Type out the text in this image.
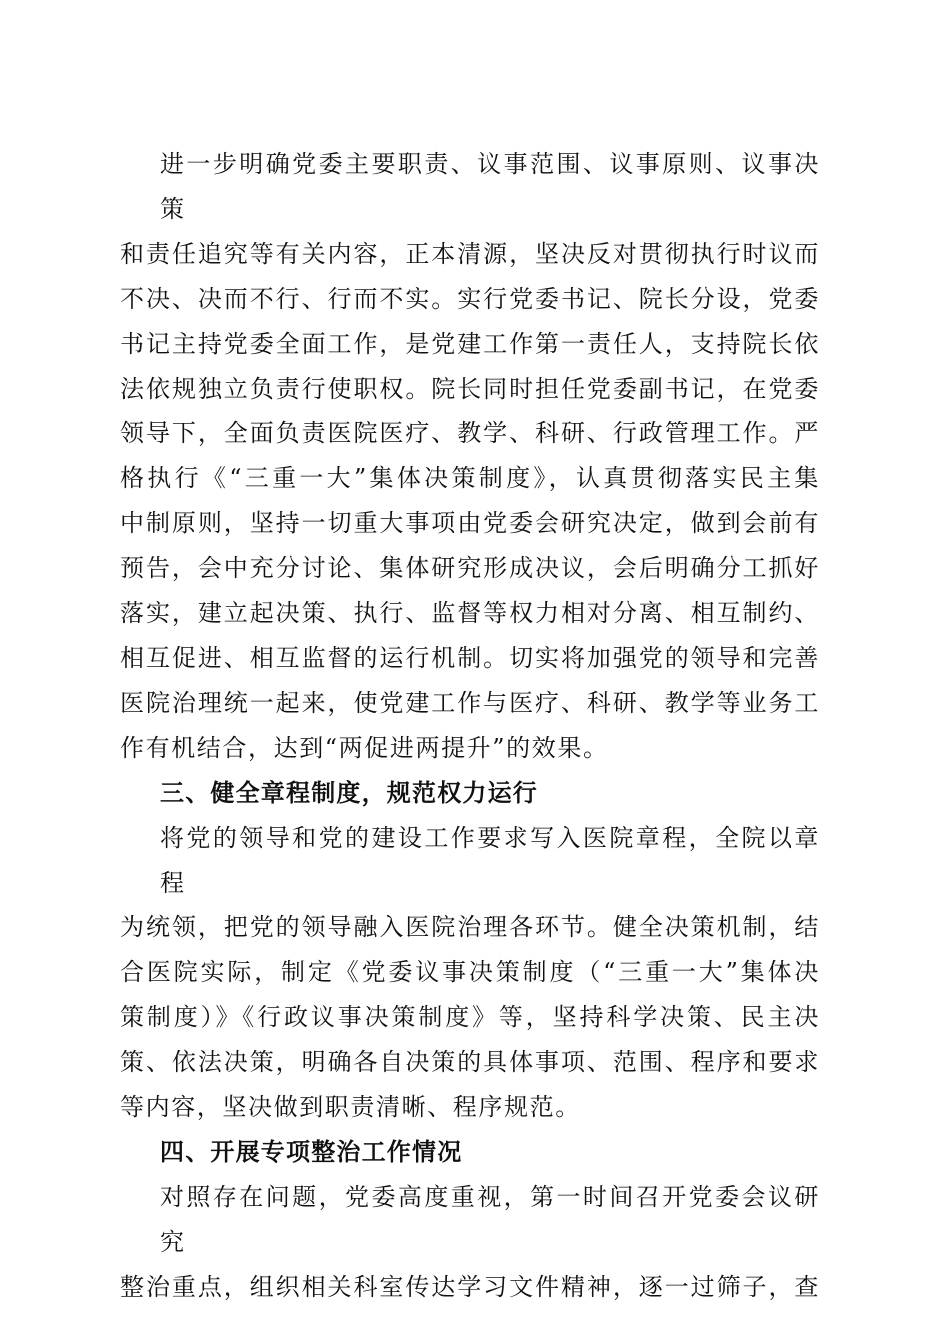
进一步明确党委主要职责、议事范围、议事原则、议事决策
和责任追究等有关内容，正本清源，坚决反对贯彻执行时议而
不决、决而不行、行而不实。实行党委书记、院长分设，党委
书记主持党委全面工作，是党建工作第一责任人，支持院长依
法依规独立负责行使职权。院长同时担任党委副书记，在党委
领导下，全面负责医院医疗、教学、科研、行政管理工作。严
格执行《“三重一大”集体决策制度》，认真贯彻落实民主集
中制原则，坚持一切重大事项由党委会研究决定，做到会前有
预告，会中充分讨论、集体研究形成决议，会后明确分工抓好
落实，建立起决策、执行、监督等权力相对分离、相互制约、
相互促进、相互监督的运行机制。切实将加强党的领导和完善
医院治理统一起来，使党建工作与医疗、科研、教学等业务工
作有机结合，达到“两促进两提升”的效果。
三、健全章程制度，规范权力运行
将党的领导和党的建设工作要求写入医院章程，全院以章程
为统领，把党的领导融入医院治理各环节。健全决策机制，结
合医院实际，制定《党委议事决策制度（“三重一大”集体决
策制度）》《行政议事决策制度》等，坚持科学决策、民主决
策、依法决策，明确各自决策的具体事项、范围、程序和要求
等内容，坚决做到职责清晰、程序规范。
四、开展专项整治工作情况
对照存在问题，党委高度重视，第一时间召开党委会议研究
整治重点，组织相关科室传达学习文件精神，逐一过筛子，查
